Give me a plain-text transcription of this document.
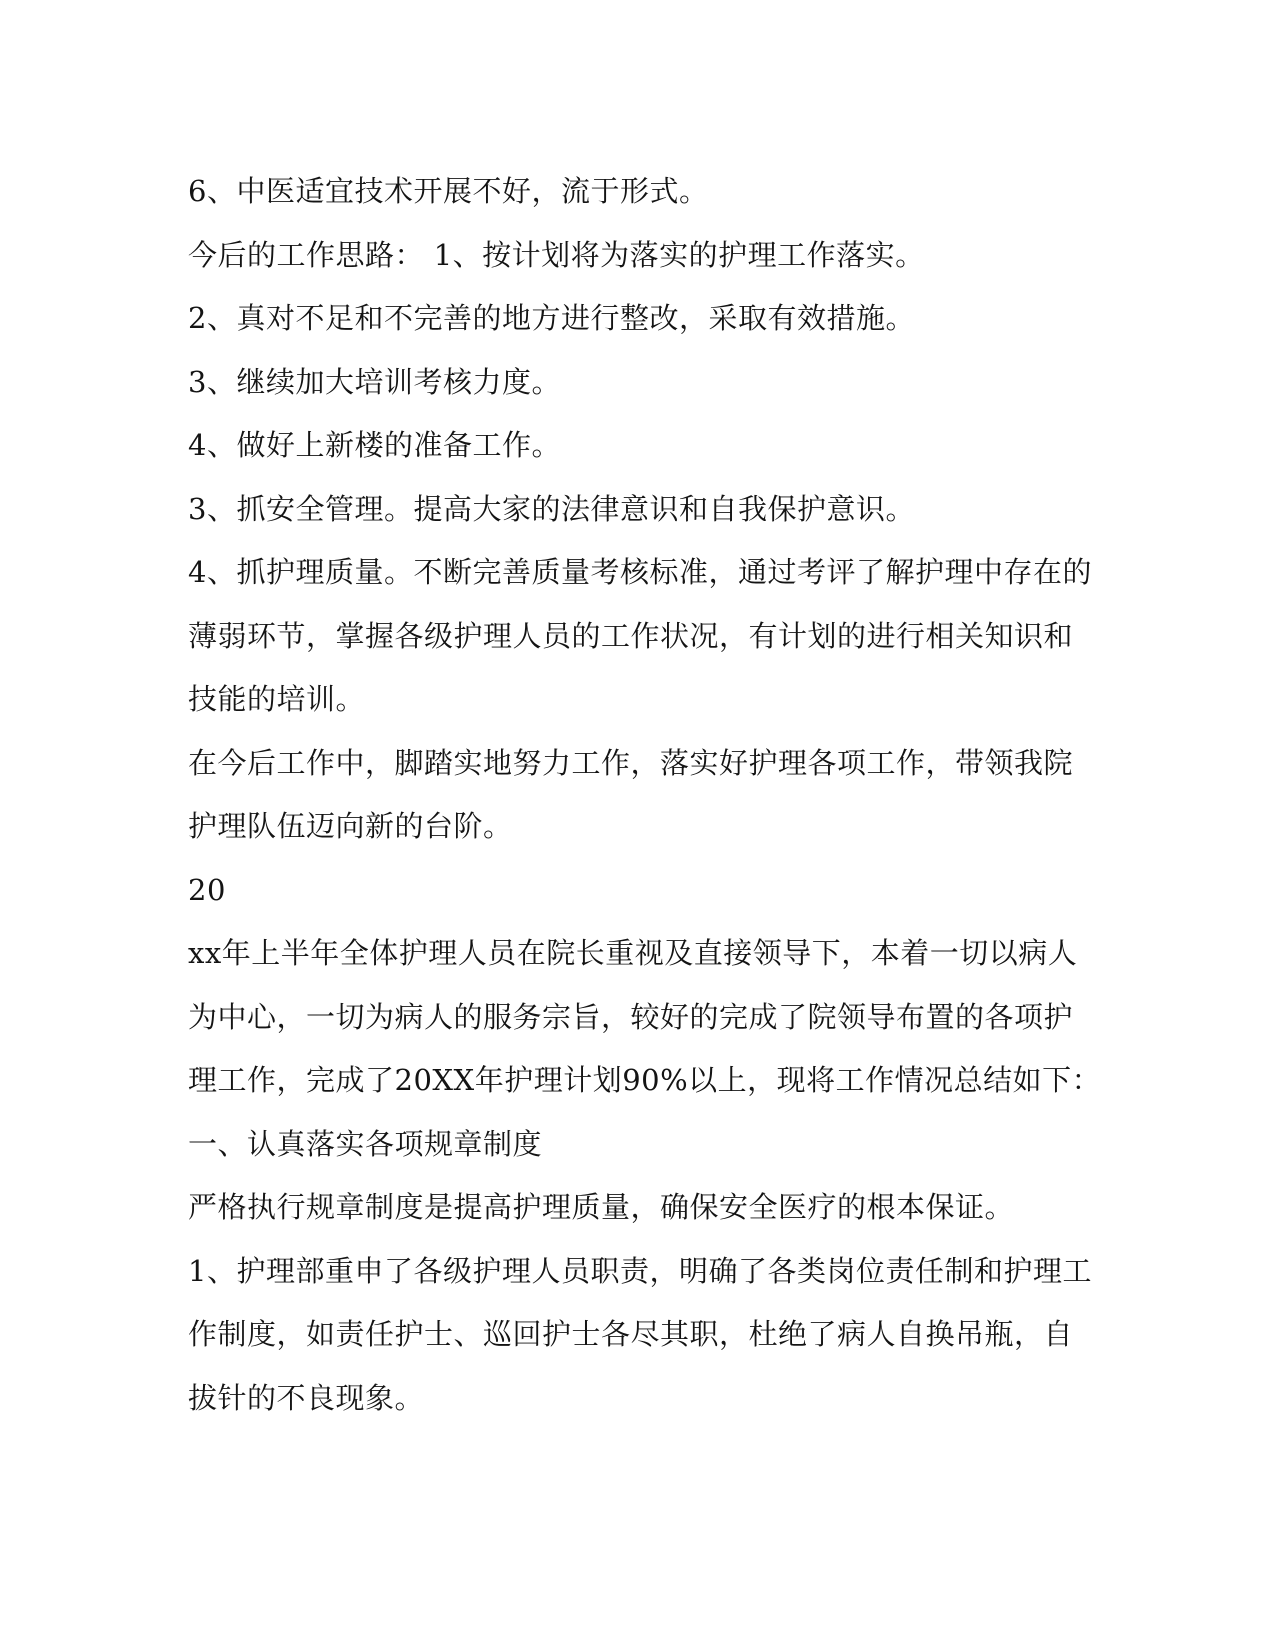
6、中医适宜技术开展不好，流于形式。
今后的工作思路： 1、按计划将为落实的护理工作落实。
2、真对不足和不完善的地方进行整改，采取有效措施。
3、继续加大培训考核力度。
4、做好上新楼的准备工作。
3、抓安全管理。提高大家的法律意识和自我保护意识。
4、抓护理质量。不断完善质量考核标准，通过考评了解护理中存在的
薄弱环节，掌握各级护理人员的工作状况，有计划的进行相关知识和
技能的培训。
在今后工作中，脚踏实地努力工作，落实好护理各项工作，带领我院
护理队伍迈向新的台阶。
20
xx年上半年全体护理人员在院长重视及直接领导下，本着一切以病人
为中心，一切为病人的服务宗旨，较好的完成了院领导布置的各项护
理工作，完成了20XX年护理计划90%以上，现将工作情况总结如下：
一、认真落实各项规章制度
严格执行规章制度是提高护理质量，确保安全医疗的根本保证。
1、护理部重申了各级护理人员职责，明确了各类岗位责任制和护理工
作制度，如责任护士、巡回护士各尽其职，杜绝了病人自换吊瓶，自
拔针的不良现象。
